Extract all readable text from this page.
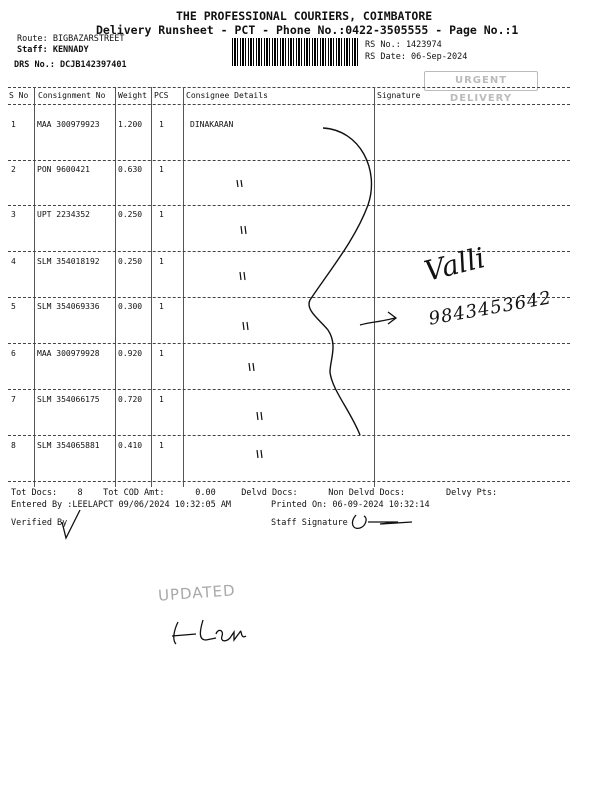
THE PROFESSIONAL COURIERS, COIMBATORE
Delivery Runsheet - PCT - Phone No.:0422-3505555 - Page No.:1
Route: BIGBAZARSTREET
Staff: KENNADY
DRS No.: DCJB142397401
RS No.: 1423974
RS Date: 06-Sep-2024
URGENT DELIVERY
S No Consignment No Weight PCS Consignee Details	Signature
1	MAA 300979923 1.200 1	DINAKARAN
2	PON 9600421	0.630 1
3	UPT 2234352	0.250 1
4	SLM 354018192 0.250 1
5	SLM 354069336 0.300 1
6	MAA 300979928 0.920 1
7	SLM 354066175 0.720 1
8	SLM 354065881 0.410 1
Tot Docs:    8    Tot COD Amt:      0.00     Delvd Docs:      Non Delvd Docs:        Delvy Pts:
Entered By :LEELAPCT 09/06/2024 10:32:05 AM	Printed On: 06-09-2024 10:32:14
Verified By	Staff Signature
Valli
9843453642
UPDATED
